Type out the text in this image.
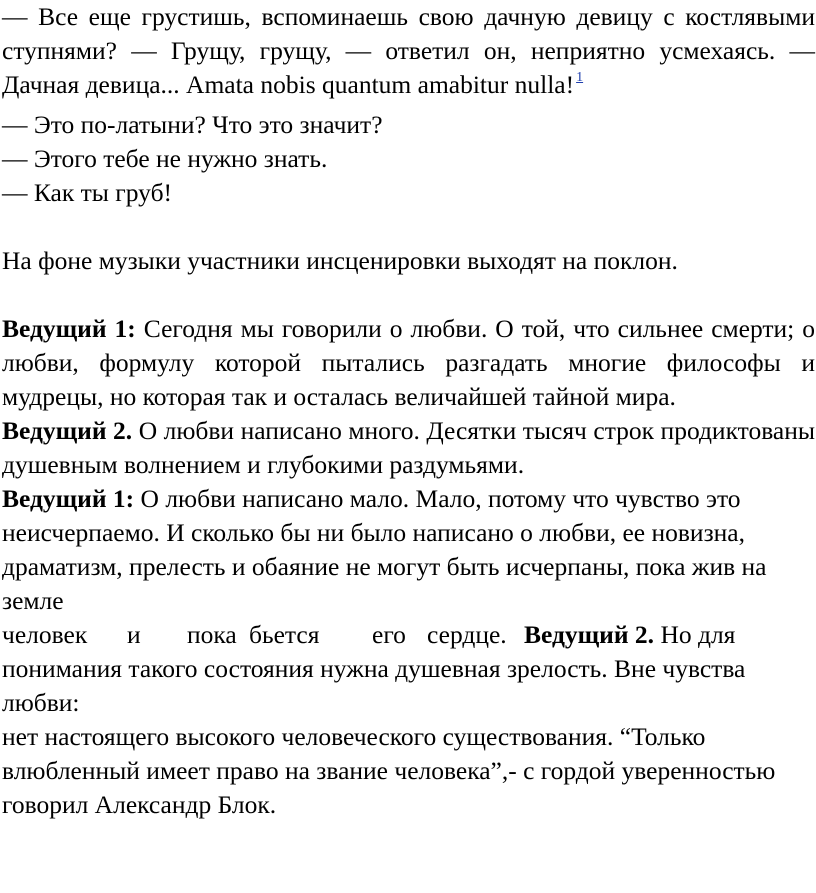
— Все еще грустишь, вспоминаешь свою дачную девицу с костлявыми ступнями? — Грущу, грущу, — ответил он, неприятно усмехаясь. — Дачная девица... Amata nobis quantum amabitur nulla! $^1$

— Это по-латыни? Что это значит?

— Этого тебе не нужно знать.

— Как ты груб!

На фоне музыки участники инсценировки выходят на поклон.

Ведущий 1: Сегодня мы говорили о любви. О той, что сильнее смерти; о любви, формулу которой пытались разгадать многие философы и мудрецы, но которая так и осталась величайшей тайной мира.

Ведущий 2. О любви написано много. Десятки тысяч строк продиктованы душевным волнением и глубокими раздумьями.

Ведущий 1: О любви написано мало. Мало, потому что чувство это

неисчерпаемо. И сколько бы ни было написано о любви, ее новизна,

драматизм, прелесть и обаяние не могут быть исчерпаны, пока жив на земле

человек и пока бьется его сердце. Ведущий 2. Но для

понимания такого состояния нужна душевная зрелость. Вне чувства любви:

нет настоящего высокого человеческого существования. “Только

влюбленный имеет право на звание человека”,- с гордой уверенностью

говорил Александр Блок.
